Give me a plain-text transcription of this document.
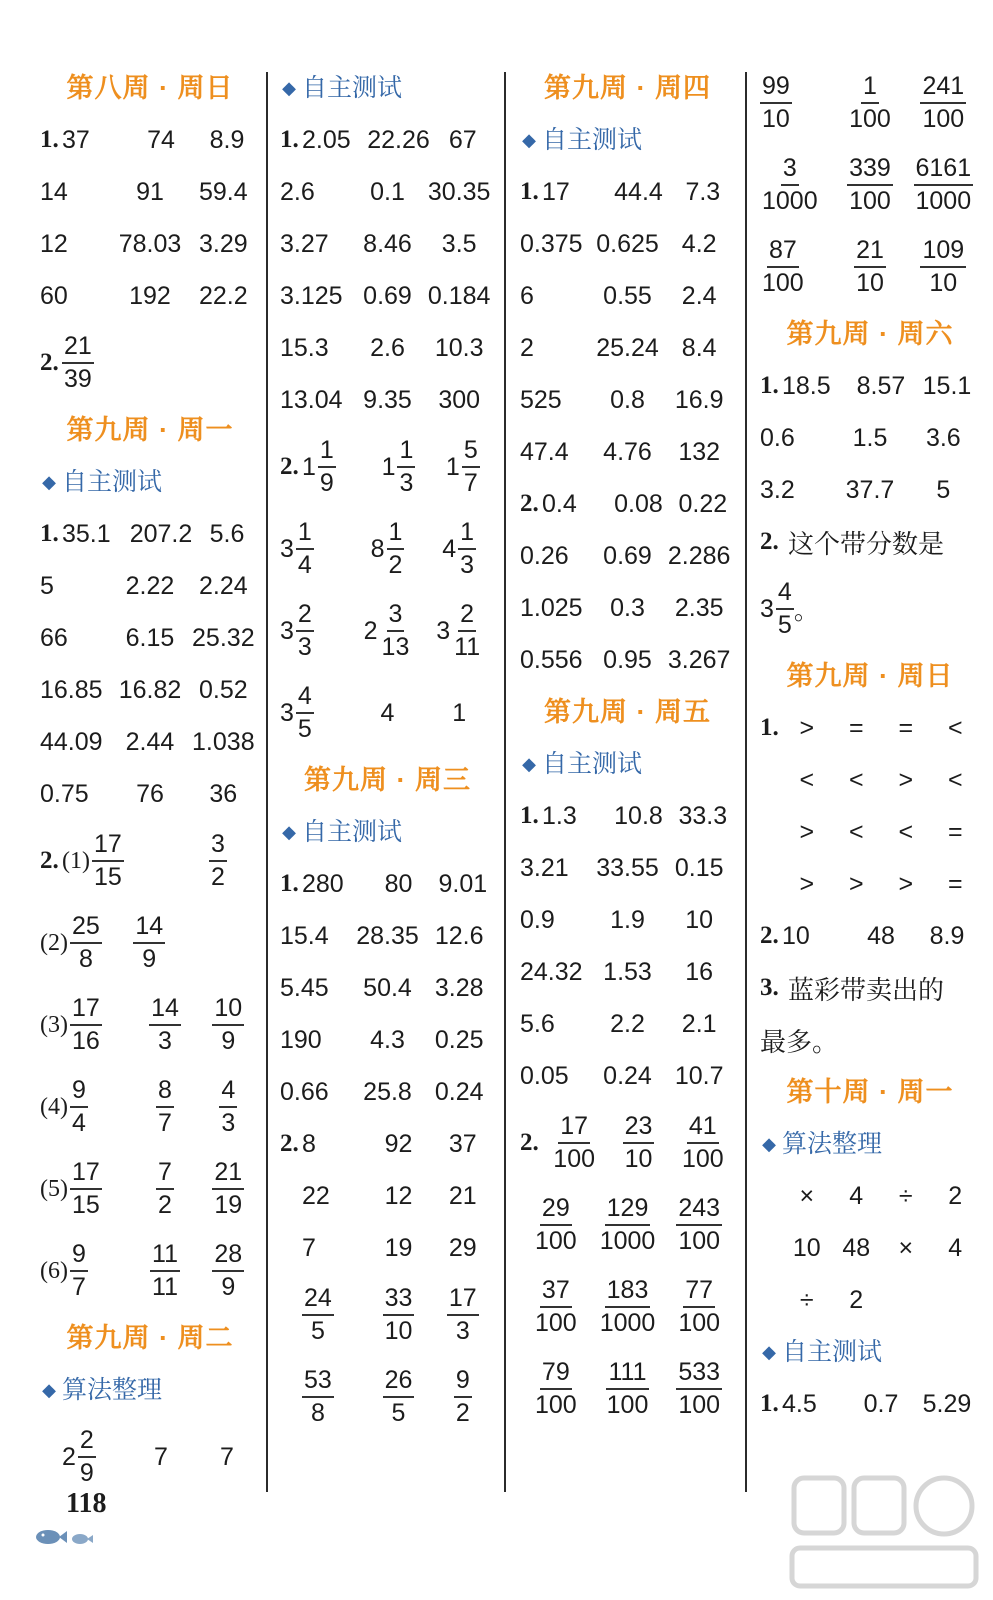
第八周 · 周日
1. 37	74	8.9
14	91	59.4
12	78.03 3.29
60	192	22.2
2. $\frac{21}{39}$
第九周 · 周一
◆ 自主测试
1. 35.1 207.2 5.6
5	2.22 2.24
66	6.15 25.32
16.85 16.82 0.52
44.09 2.44 1.038
0.75	76	36
2. $(1) \frac{17}{15}$	$\frac{3}{2}$
$(2) \frac{25}{8} \frac{14}{9}$
$(3) \frac{17}{16} \frac{14}{3} \frac{10}{9}$
$(4) \frac{9}{4}$	$\frac{8}{7} \frac{4}{3}$
$(5) \frac{17}{15} \frac{7}{2} \frac{21}{19}$
$(6) \frac{9}{7} \frac{11}{11} \frac{28}{9}$
第九周 · 周二
◆ 算法整理
$2 \frac{2}{9}$	7	7
◆ 自主测试
1. 2.05 22.26 67
2.6	0.1 30.35
3.27	8.46	3.5
3.125 0.69 0.184
15.3	2.6	10.3
13.04 9.35	300
2. $1 \frac{1}{9} 1 \frac{1}{3} 1 \frac{5}{7}$
$3 \frac{1}{4} 8 \frac{1}{2} 4 \frac{1}{3}$
$3 \frac{2}{3} 2 \frac{3}{13} 3 \frac{2}{11}$
$3 \frac{4}{5}$	4	1
第九周 · 周三
◆ 自主测试
1. 280	80	9.01
15.4	28.35 12.6
5.45	50.4 3.28
190	4.3	0.25
0.66	25.8 0.24
2. 8	92	37
22	12	21
7	19	29
$\frac{24}{5} \frac{33}{10} \frac{17}{3}$
$\frac{53}{8} \frac{26}{5} \frac{9}{2}$
第九周 · 周四
◆ 自主测试
1. 17	44.4 7.3
0.375 0.625 4.2
6	0.55	2.4
2	25.24 8.4
525	0.8	16.9
47.4	4.76	132
2. 0.4	0.08 0.22
0.26	0.69 2.286
1.025	0.3	2.35
0.556 0.95 3.267
第九周 · 周五
◆ 自主测试
1. 1.3	10.8 33.3
3.21	33.55 0.15
0.9	1.9	10
24.32 1.53	16
5.6	2.2	2.1
0.05	0.24 10.7
2. $\frac{17}{100} \frac{23}{10} \frac{41}{100}$
$\frac{29}{100} \frac{129}{1000} \frac{243}{100}$
$\frac{37}{100} \frac{183}{1000} \frac{77}{100}$
$\frac{79}{100} \frac{111}{100} \frac{533}{100}$
$\frac{99}{10} \frac{1}{100} \frac{241}{100}$
$\frac{3}{1000} \frac{339}{100} \frac{6161}{1000}$
$\frac{87}{100} \frac{21}{10} \frac{109}{10}$
第九周 · 周六
1. 18.5	8.57 15.1
0.6	1.5	3.6
3.2	37.7	5
2. 这个带分数是
$3 \frac{4}{5}$ 。
第九周 · 周日
1. >	=	=	<
<	<	>	<
>	<	<	=
>	>	>	=
2. 10	48	8.9
3. 蓝彩带卖出的
最多。
第十周 · 周一
◆ 算法整理
×	4	÷	2
10 48	×	4
÷	2
◆ 自主测试
1. 4.5	0.7 5.29
118
